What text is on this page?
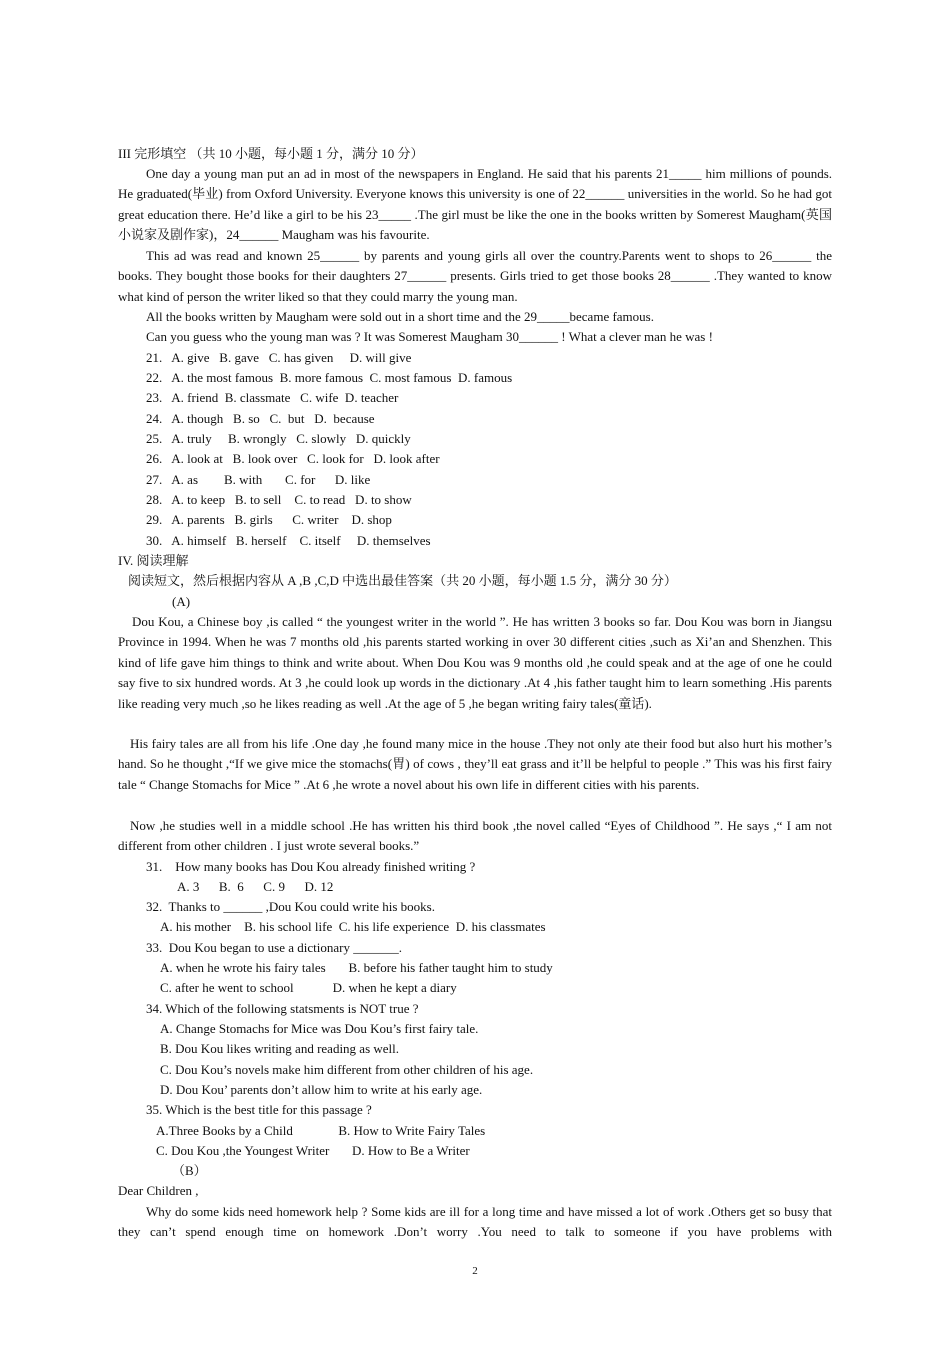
III 完形填空 （共 10 小题，每小题 1 分，满分 10 分）
One day a young man put an ad in most of the newspapers in England. He said that his parents 21_____ him millions of pounds. He graduated(毕业) from Oxford University. Everyone knows this university is one of 22______ universities in the world. So he had got great education there. He’d like a girl to be his 23_____ .The girl must be like the one in the books written by Somerest Maugham(英国小说家及剧作家)，24______ Maugham was his favourite.
This ad was read and known 25______ by parents and young girls all over the country.Parents went to shops to 26______ the books. They bought those books for their daughters 27______ presents. Girls tried to get those books 28______ .They wanted to know what kind of person the writer liked so that they could marry the young man.
All the books written by Maugham were sold out in a short time and the 29_____became famous.
Can you guess who the young man was ? It was Somerest Maugham 30______ ! What a clever man he was !
21.   A. give   B. gave   C. has given     D. will give
22.   A. the most famous  B. more famous  C. most famous  D. famous
23.   A. friend  B. classmate   C. wife  D. teacher
24.   A. though   B. so   C.  but   D.  because
25.   A. truly     B. wrongly   C. slowly   D. quickly
26.   A. look at   B. look over   C. look for   D. look after
27.   A. as        B. with       C. for      D. like
28.   A. to keep   B. to sell    C. to read   D. to show
29.   A. parents   B. girls      C. writer    D. shop
30.   A. himself   B. herself    C. itself     D. themselves
IV. 阅读理解
阅读短文，然后根据内容从 A ,B ,C,D 中选出最佳答案（共 20 小题，每小题 1.5 分，满分 30 分）
(A)
Dou Kou, a Chinese boy ,is called “ the youngest writer in the world ”. He has written 3 books so far. Dou Kou was born in Jiangsu Province in 1994. When he was 7 months old ,his parents started working in over 30 different cities ,such as Xi’an and Shenzhen. This kind of life gave him things to think and write about. When Dou Kou was 9 months old ,he could speak and at the age of one he could say five to six hundred words. At 3 ,he could look up words in the dictionary .At 4 ,his father taught him to learn something .His parents like reading very much ,so he likes reading as well .At the age of 5 ,he began writing fairy tales(童话).
His fairy tales are all from his life .One day ,he found many mice in the house .They not only ate their food but also hurt his mother’s hand. So he thought ,“If we give mice the stomachs(胃) of cows , they’ll eat grass and it’ll be helpful to people .” This was his first fairy tale “ Change Stomachs for Mice ” .At 6 ,he wrote a novel about his own life in different cities with his parents.
Now ,he studies well in a middle school .He has written his third book ,the novel called “Eyes of Childhood ”. He says ,“ I am not different from other children . I just wrote several books.”
31.    How many books has Dou Kou already finished writing ?
A. 3      B.  6      C. 9      D. 12
32.  Thanks to ______ ,Dou Kou could write his books.
A. his mother    B. his school life  C. his life experience  D. his classmates
33.  Dou Kou began to use a dictionary _______.
A. when he wrote his fairy tales       B. before his father taught him to study
C. after he went to school            D. when he kept a diary
34. Which of the following statsments is NOT true ?
A. Change Stomachs for Mice was Dou Kou’s first fairy tale.
B. Dou Kou likes writing and reading as well.
C. Dou Kou’s novels make him different from other children of his age.
D. Dou Kou’ parents don’t allow him to write at his early age.
35. Which is the best title for this passage ?
A.Three Books by a Child              B. How to Write Fairy Tales
C. Dou Kou ,the Youngest Writer       D. How to Be a Writer
（B）
Dear Children ,
Why do some kids need homework help ? Some kids are ill for a long time and have missed a lot of work .Others get so busy that they can’t spend enough time on homework .Don’t worry .You need to talk to someone if you have problems with
2
